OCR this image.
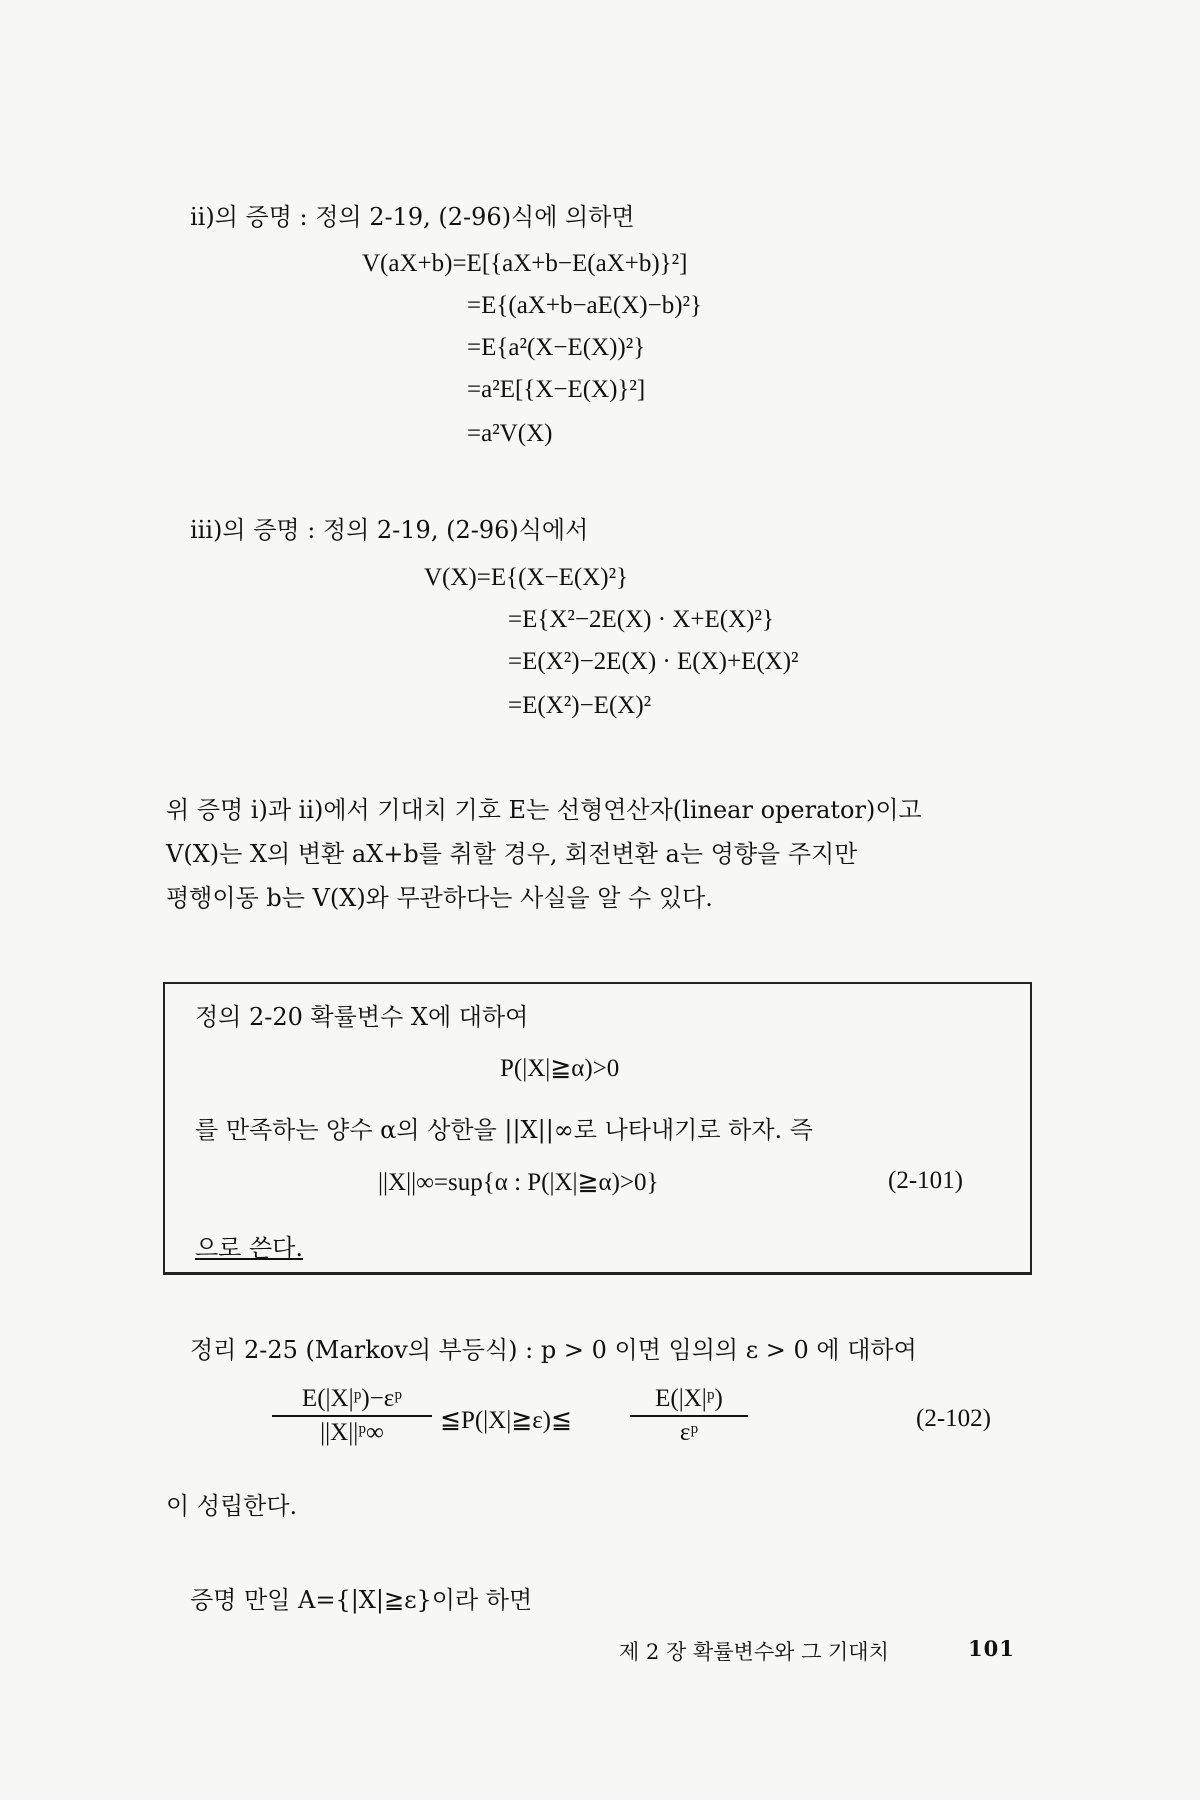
ii)의 증명 : 정의 2-19, (2-96)식에 의하면
V(aX+b)=E[{aX+b−E(aX+b)}²]
=E{(aX+b−aE(X)−b)²}
=E{a²(X−E(X))²}
=a²E[{X−E(X)}²]
=a²V(X)
iii)의 증명 : 정의 2-19, (2-96)식에서
V(X)=E{(X−E(X)²}
=E{X²−2E(X) · X+E(X)²}
=E(X²)−2E(X) · E(X)+E(X)²
=E(X²)−E(X)²
위 증명 i)과 ii)에서 기대치 기호 E는 선형연산자(linear operator)이고
V(X)는 X의 변환 aX+b를 취할 경우, 회전변환 a는 영향을 주지만
평행이동 b는 V(X)와 무관하다는 사실을 알 수 있다.
정의 2-20 확률변수 X에 대하여
P(|X|≧α)>0
를 만족하는 양수 α의 상한을 ||X||∞로 나타내기로 하자. 즉
||X||∞=sup{α : P(|X|≧α)>0}	(2-101)
으로 쓴다.
정리 2-25 (Markov의 부등식) : p > 0 이면 임의의 ε > 0 에 대하여
$\frac{\text{E(|X|ᵖ)−εᵖ}}{\text{||X||ᵖ∞}}$ ≦P(|X|≧ε)≦ $\frac{\text{E(|X|ᵖ)}}{\text{εᵖ}}$	(2-102)
이 성립한다.
증명 만일 A={|X|≧ε}이라 하면
제 2 장 확률변수와 그 기대치	101
